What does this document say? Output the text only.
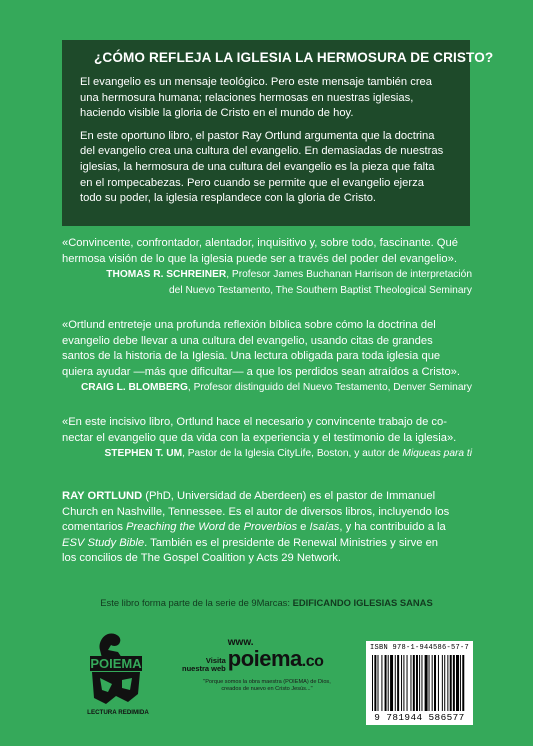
¿CÓMO REFLEJA LA IGLESIA LA HERMOSURA DE CRISTO?

El evangelio es un mensaje teológico. Pero este mensaje también crea
una hermosura humana; relaciones hermosas en nuestras iglesias,
haciendo visible la gloria de Cristo en el mundo de hoy.

En este oportuno libro, el pastor Ray Ortlund argumenta que la doctrina
del evangelio crea una cultura del evangelio. En demasiadas de nuestras
iglesias, la hermosura de una cultura del evangelio es la pieza que falta
en el rompecabezas. Pero cuando se permite que el evangelio ejerza
todo su poder, la iglesia resplandece con la gloria de Cristo.

«Convincente, confrontador, alentador, inquisitivo y, sobre todo, fascinante. Qué
hermosa visión de lo que la iglesia puede ser a través del poder del evangelio».

THOMAS R. SCHREINER, Profesor James Buchanan Harrison de interpretación
del Nuevo Testamento, The Southern Baptist Theological Seminary

«Ortlund entreteje una profunda reflexión bíblica sobre cómo la doctrina del
evangelio debe llevar a una cultura del evangelio, usando citas de grandes
santos de la historia de la Iglesia. Una lectura obligada para toda iglesia que
quiera ayudar —más que dificultar— a que los perdidos sean atraídos a Cristo».

CRAIG L. BLOMBERG, Profesor distinguido del Nuevo Testamento, Denver Seminary

«En este incisivo libro, Ortlund hace el necesario y convincente trabajo de co-
nectar el evangelio que da vida con la experiencia y el testimonio de la iglesia».

STEPHEN T. UM, Pastor de la Iglesia CityLife, Boston, y autor de Miqueas para ti

RAY ORTLUND (PhD, Universidad de Aberdeen) es el pastor de Immanuel
Church en Nashville, Tennessee. Es el autor de diversos libros, incluyendo los
comentarios Preaching the Word de Proverbios e Isaías, y ha contribuido a la
ESV Study Bible. También es el presidente de Renewal Ministries y sirve en
los concilios de The Gospel Coalition y Acts 29 Network.

Este libro forma parte de la serie de 9Marcas: EDIFICANDO IGLESIAS SANAS
POIEMA
LECTURA REDIMIDA
Visita
nuestra web
www.
poiema.co
"Porque somos la obra maestra (POIEMA) de Dios,
creados de nuevo en Cristo Jesús..."
ISBN 978-1-944586-57-7
9 781944 586577
